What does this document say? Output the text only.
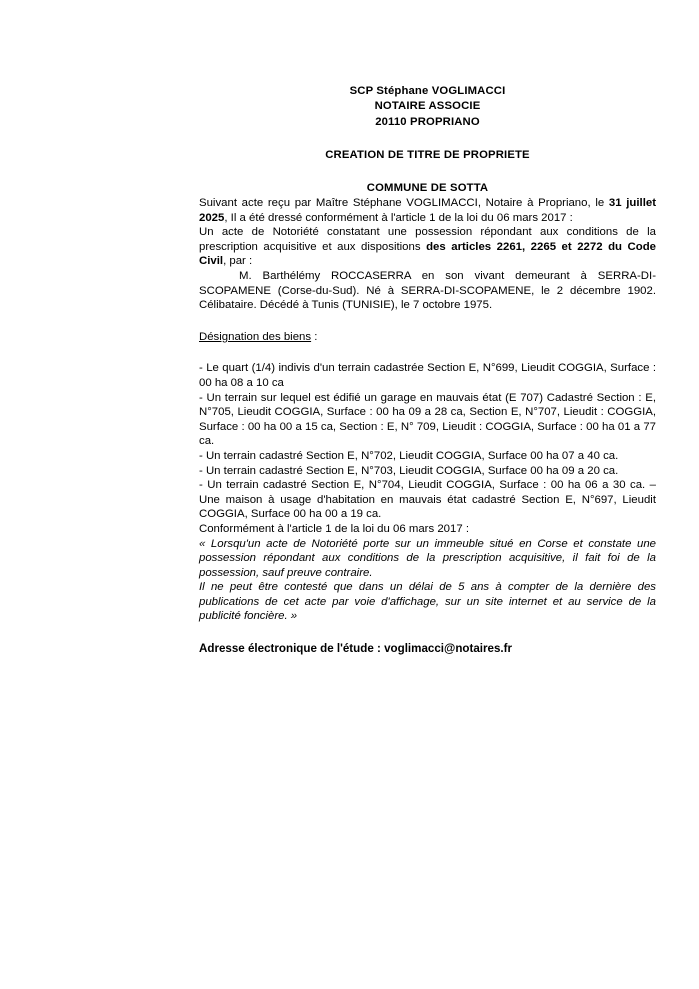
SCP Stéphane VOGLIMACCI
NOTAIRE ASSOCIE
20110 PROPRIANO
CREATION DE TITRE DE PROPRIETE
COMMUNE DE SOTTA

Suivant acte reçu par Maître Stéphane VOGLIMACCI, Notaire à Propriano, le 31 juillet 2025, Il a été dressé conformément à l'article 1 de la loi du 06 mars 2017 :
Un acte de Notoriété constatant une possession répondant aux conditions de la prescription acquisitive et aux dispositions des articles 2261, 2265 et 2272 du Code Civil, par :

M. Barthélémy ROCCASERRA en son vivant demeurant à SERRA-DI-SCOPAMENE (Corse-du-Sud). Né à SERRA-DI-SCOPAMENE, le 2 décembre 1902. Célibataire. Décédé à Tunis (TUNISIE), le 7 octobre 1975.

Désignation des biens :

- Le quart (1/4) indivis d'un terrain cadastrée Section E, N°699, Lieudit COGGIA, Surface : 00 ha 08 a 10 ca

- Un terrain sur lequel est édifié un garage en mauvais état (E 707) Cadastré Section : E, N°705, Lieudit COGGIA, Surface : 00 ha 09 a 28 ca, Section E, N°707, Lieudit : COGGIA, Surface : 00 ha 00 a 15 ca, Section : E, N° 709, Lieudit : COGGIA, Surface : 00 ha 01 a 77 ca.

- Un terrain cadastré Section E, N°702, Lieudit COGGIA, Surface 00 ha 07 a 40 ca.

- Un terrain cadastré Section E, N°703, Lieudit COGGIA, Surface 00 ha 09 a 20 ca.

- Un terrain cadastré Section E, N°704, Lieudit COGGIA, Surface : 00 ha 06 a 30 ca. – Une maison à usage d'habitation en mauvais état cadastré Section E, N°697, Lieudit COGGIA, Surface 00 ha 00 a 19 ca.

Conformément à l'article 1 de la loi du 06 mars 2017 :

« Lorsqu'un acte de Notoriété porte sur un immeuble situé en Corse et constate une possession répondant aux conditions de la prescription acquisitive, il fait foi de la possession, sauf preuve contraire.

Il ne peut être contesté que dans un délai de 5 ans à compter de la dernière des publications de cet acte par voie d'affichage, sur un site internet et au service de la publicité foncière. »

Adresse électronique de l'étude : voglimacci@notaires.fr
